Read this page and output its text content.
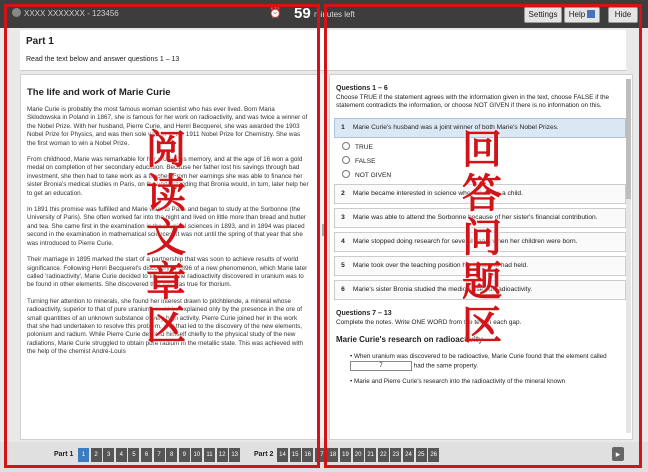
XXXX XXXXXXX - 123456	⏰ 59 minutes left	Settings	Help	Hide
Part 1
Read the text below and answer questions 1 – 13
The life and work of Marie Curie

Marie Curie is probably the most famous woman scientist who has ever lived. Born Maria Sklodowska in Poland in 1867, she is famous for her work on radioactivity, and was twice a winner of the Nobel Prize. With her husband, Pierre Curie, and Henri Becquerel, she was awarded the 1903 Nobel Prize for Physics, and was then sole winner of the 1911 Nobel Prize for Chemistry. She was the first woman to win a Nobel Prize.

From childhood, Marie was remarkable for her prodigious memory, and at the age of 16 won a gold medal on completion of her secondary education. Because her father lost his savings through bad investment, she then had to take work as a teacher. From her earnings she was able to finance her sister Bronia's medical studies in Paris, on the understanding that Bronia would, in turn, later help her to get an education.

In 1891 this promise was fulfilled and Marie went to Paris and began to study at the Sorbonne (the University of Paris). She often worked far into the night and lived on little more than bread and butter and tea. She came first in the examination in the physical sciences in 1893, and in 1894 was placed second in the examination in mathematical sciences. It was not until the spring of that year that she was introduced to Pierre Curie.

Their marriage in 1895 marked the start of a partnership that was soon to achieve results of world significance. Following Henri Becquerel's discovery in 1896 of a new phenomenon, which Marie later called 'radioactivity', Marie Curie decided to find out if the radioactivity discovered in uranium was to be found in other elements. She discovered that this was true for thorium.

Turning her attention to minerals, she found her interest drawn to pitchblende, a mineral whose radioactivity, superior to that of pure uranium, could be explained only by the presence in the ore of small quantities of an unknown substance of very high activity. Pierre Curie joined her in the work that she had undertaken to resolve this problem, and that led to the discovery of the new elements, polonium and radium. While Pierre Curie devoted himself chiefly to the physical study of the new radiations, Marie Curie struggled to obtain pure radium in the metallic state. This was achieved with the help of the chemist André-Louis

Questions 1 – 6
Choose TRUE if the statement agrees with the information given in the text, choose FALSE if the statement contradicts the information, or choose NOT GIVEN if there is no information on this.
1 Marie Curie's husband was a joint winner of both Marie's Nobel Prizes.
TRUE
FALSE
NOT GIVEN
2 Marie became interested in science when she was a child.
3 Marie was able to attend the Sorbonne because of her sister's financial contribution.
4 Marie stopped doing research for several years when her children were born.
5 Marie took over the teaching position her husband had held.
6 Marie's sister Bronia studied the medical uses of radioactivity.
Questions 7 – 13
Complete the notes. Write ONE WORD from the text in each gap.
Marie Curie's research on radioactivity
• When uranium was discovered to be radioactive, Marie Curie found that the element called 7	had the same property.
• Marie and Pierre Curie's research into the radioactivity of the mineral known
Part 1	1	2	3	4	5	6	7	8	9	10	11	12 13	Part 2 14 15 16 17 18 19 20 21 22 23 24 25 26	▸
阅读文章区
回答问题区
